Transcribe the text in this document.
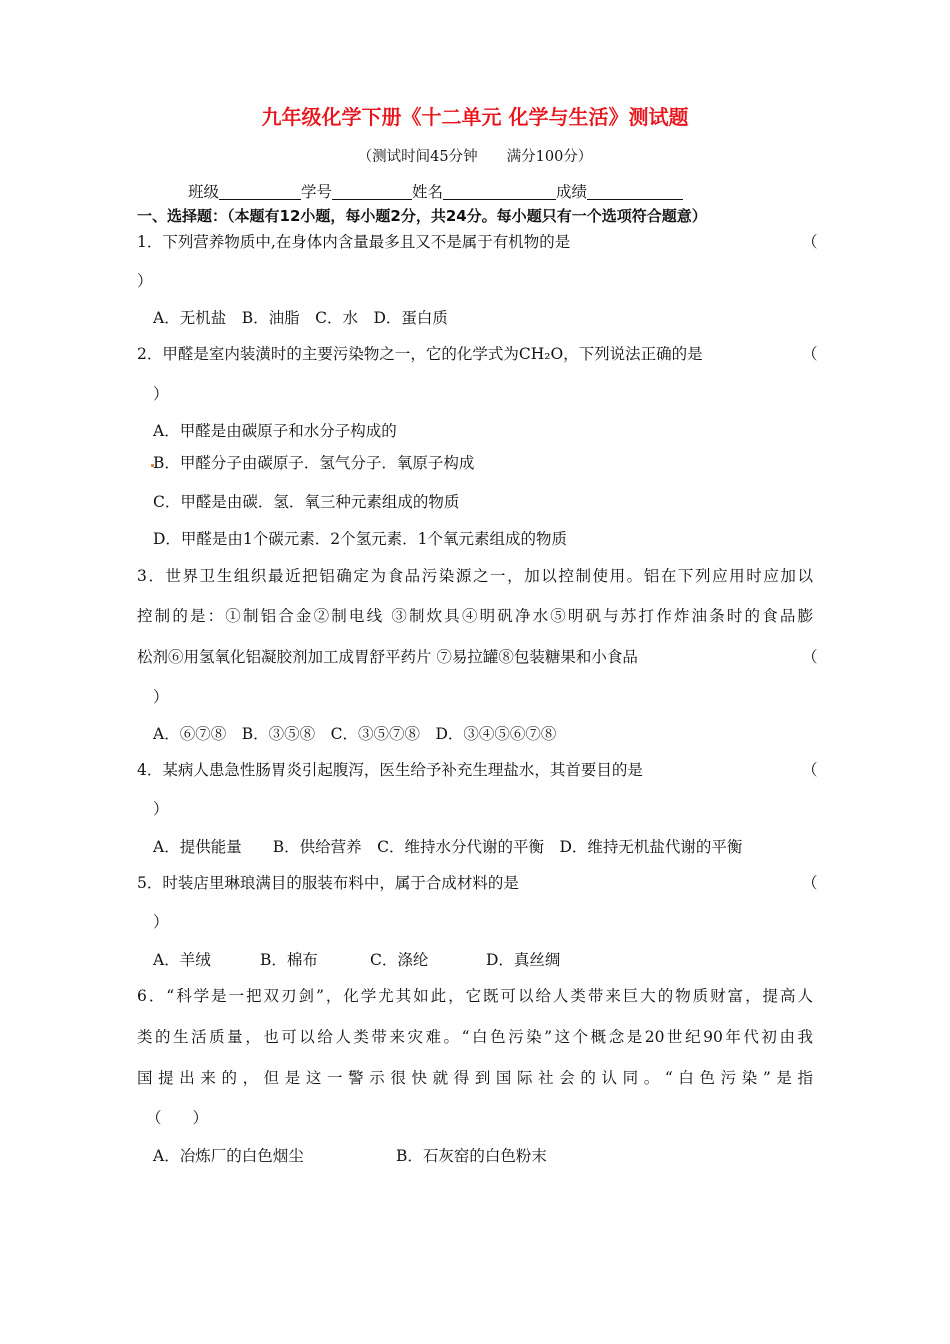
九年级化学下册《十二单元 化学与生活》测试题
（测试时间45分钟　　满分100分）
班级	学号	姓名	成绩
一、选择题：（本题有12小题，每小题2分，共24分。每小题只有一个选项符合题意）
1．下列营养物质中,在身体内含量最多且又不是属于有机物的是	（
）
A．无机盐　B．油脂　C．水　D．蛋白质
2．甲醛是室内装潢时的主要污染物之一，它的化学式为CH₂O，下列说法正确的是	（
）
A．甲醛是由碳原子和水分子构成的
B．甲醛分子由碳原子．氢气分子．氧原子构成
C．甲醛是由碳．氢．氧三种元素组成的物质
D．甲醛是由1个碳元素．2个氢元素．1个氧元素组成的物质
3．世界卫生组织最近把铝确定为食品污染源之一，加以控制使用。铝在下列应用时应加以
控制的是：①制铝合金②制电线 ③制炊具④明矾净水⑤明矾与苏打作炸油条时的食品膨
松剂⑥用氢氧化铝凝胶剂加工成胃舒平药片 ⑦易拉罐⑧包装糖果和小食品	（
）
A．⑥⑦⑧　B．③⑤⑧　C．③⑤⑦⑧　D．③④⑤⑥⑦⑧
4．某病人患急性肠胃炎引起腹泻，医生给予补充生理盐水，其首要目的是	（
）
A．提供能量　　B．供给营养　C．维持水分代谢的平衡　D．维持无机盐代谢的平衡
5．时装店里琳琅满目的服装布料中，属于合成材料的是	（
）
A．羊绒	B．棉布	C．涤纶	D．真丝绸
6．“科学是一把双刃剑”，化学尤其如此，它既可以给人类带来巨大的物质财富，提高人
类的生活质量，也可以给人类带来灾难。“白色污染”这个概念是20世纪90年代初由我
国提出来的，但是这一警示很快就得到国际社会的认同。“白色污染”是指
（　　）
A．冶炼厂的白色烟尘	B．石灰窑的白色粉末
